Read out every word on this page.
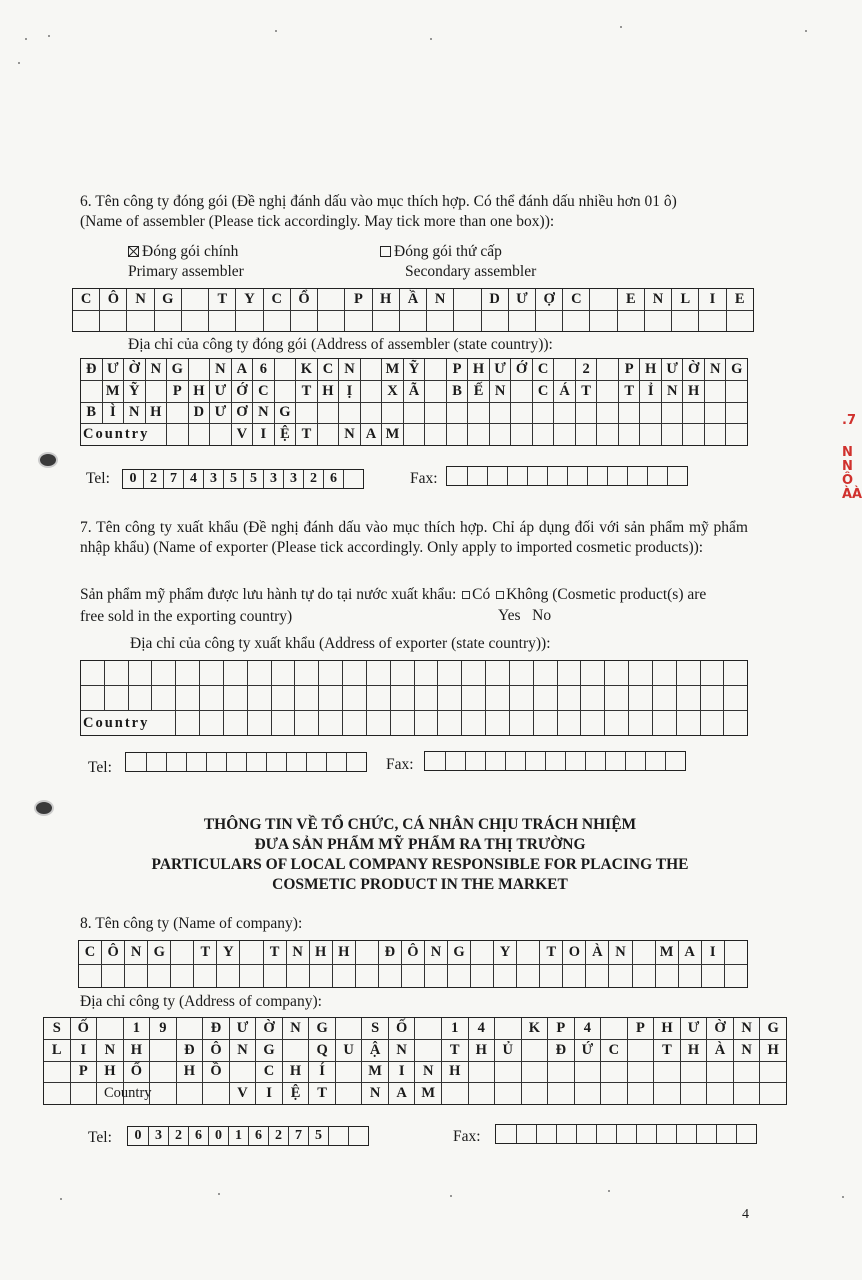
.7
N
N
Ô
ÀÀ
6. Tên công ty đóng gói (Đề nghị đánh dấu vào mục thích hợp. Có thể đánh dấu nhiều hơn 01 ô)
(Name of assembler (Please tick accordingly. May tick more than one box)):
Đóng gói chính
Primary assembler
Đóng gói thứ cấp
Secondary assembler
C	Ô	N	G	T	Y	C	Ổ	P	H	Ầ	N	D	Ư	Ợ	C	E	N	L	I	E
Địa chỉ của công ty đóng gói (Address of assembler (state country)):
Đ Ư Ờ N G	N A 6	K C N	M Ỹ	P H Ư Ớ C	2	P H Ư Ờ N G
M Ỹ	P H Ư Ớ C	T H Ị	X Ã	B Ế N	C Á T	T Ỉ N H
B Ì N H	D Ư Ơ N G
V I Ệ T	N A M
Country
Tel:	0 2 7 4 3 5 5 3 3 2 6	Fax:
7. Tên công ty xuất khẩu (Đề nghị đánh dấu vào mục thích hợp. Chỉ áp dụng đối với sản phẩm mỹ phẩm nhập khẩu) (Name of exporter (Please tick accordingly. Only apply to imported cosmetic products)):
Sản phẩm mỹ phẩm được lưu hành tự do tại nước xuất khẩu: Có Không (Cosmetic product(s) are
free sold in the exporting country)	Yes   No
Địa chỉ của công ty xuất khẩu (Address of exporter (state country)):
Country
Tel:	Fax:
THÔNG TIN VỀ TỔ CHỨC, CÁ NHÂN CHỊU TRÁCH NHIỆM
ĐƯA SẢN PHẨM MỸ PHẨM RA THỊ TRƯỜNG
PARTICULARS OF LOCAL COMPANY RESPONSIBLE FOR PLACING THE
COSMETIC PRODUCT IN THE MARKET
8. Tên công ty (Name of company):
C Ô N G	T Y	T N H H	Đ Ô N G	Y	T O À N	M A	I
Địa chỉ công ty (Address of company):
S	Ố	1	9	Đ	Ư	Ờ	N	G	S	Ố	1	4	K	P	4	P	H	Ư	Ờ	N	G
L	I	N	H	Đ	Ô	N	G	Q	U	Ậ	N	T	H	Ủ	Đ	Ứ	C	T	H	À	N	H
P	H	Ố	H	Ồ	C	H	Í	M	I	N	H
V	I	Ệ	T	N	A M
Country
Tel:	0 3 2 6 0 1 6 2 7 5	Fax:
4
